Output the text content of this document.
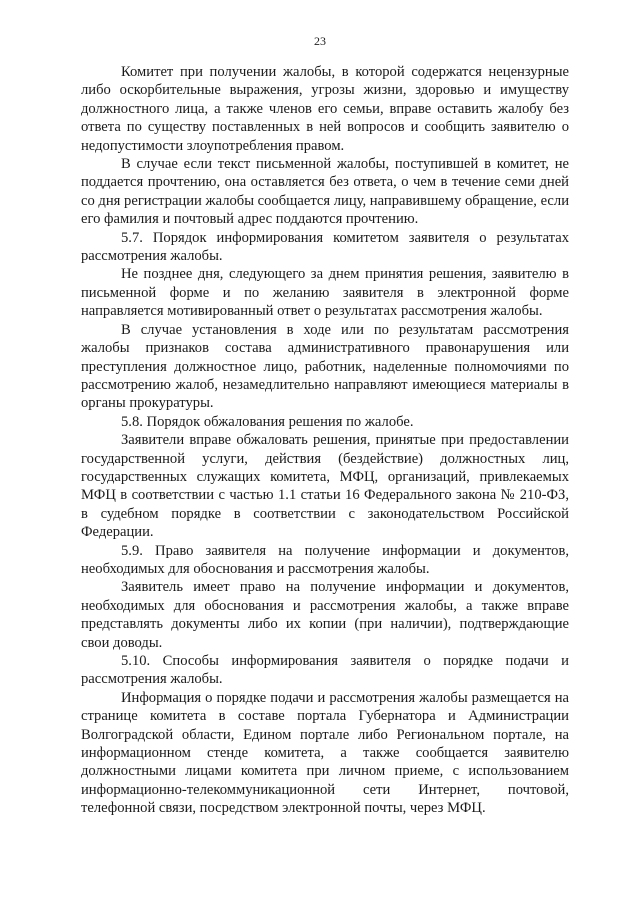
23

Комитет при получении жалобы, в которой содержатся нецензурные либо оскорбительные выражения, угрозы жизни, здоровью и имуществу должностного лица, а также членов его семьи, вправе оставить жалобу без ответа по существу поставленных в ней вопросов и сообщить заявителю о недопустимости злоупотребления правом.

В случае если текст письменной жалобы, поступившей в комитет, не поддается прочтению, она оставляется без ответа, о чем в течение семи дней со дня регистрации жалобы сообщается лицу, направившему обращение, если его фамилия и почтовый адрес поддаются прочтению.

5.7. Порядок информирования комитетом заявителя о результатах рассмотрения жалобы.

Не позднее дня, следующего за днем принятия решения, заявителю в письменной форме и по желанию заявителя в электронной форме направляется мотивированный ответ о результатах рассмотрения жалобы.

В случае установления в ходе или по результатам рассмотрения жалобы признаков состава административного правонарушения или преступления должностное лицо, работник, наделенные полномочиями по рассмотрению жалоб, незамедлительно направляют имеющиеся материалы в органы прокуратуры.

5.8. Порядок обжалования решения по жалобе.

Заявители вправе обжаловать решения, принятые при предоставлении государственной услуги, действия (бездействие) должностных лиц, государственных служащих комитета, МФЦ, организаций, привлекаемых МФЦ в соответствии с частью 1.1 статьи 16 Федерального закона № 210-ФЗ, в судебном порядке в соответствии с законодательством Российской Федерации.

5.9. Право заявителя на получение информации и документов, необходимых для обоснования и рассмотрения жалобы.

Заявитель имеет право на получение информации и документов, необходимых для обоснования и рассмотрения жалобы, а также вправе представлять документы либо их копии (при наличии), подтверждающие свои доводы.

5.10. Способы информирования заявителя о порядке подачи и рассмотрения жалобы.

Информация о порядке подачи и рассмотрения жалобы размещается на странице комитета в составе портала Губернатора и Администрации Волгоградской области, Едином портале либо Региональном портале, на информационном стенде комитета, а также сообщается заявителю должностными лицами комитета при личном приеме, с использованием информационно-телекоммуникационной сети Интернет, почтовой, телефонной связи, посредством электронной почты, через МФЦ.
